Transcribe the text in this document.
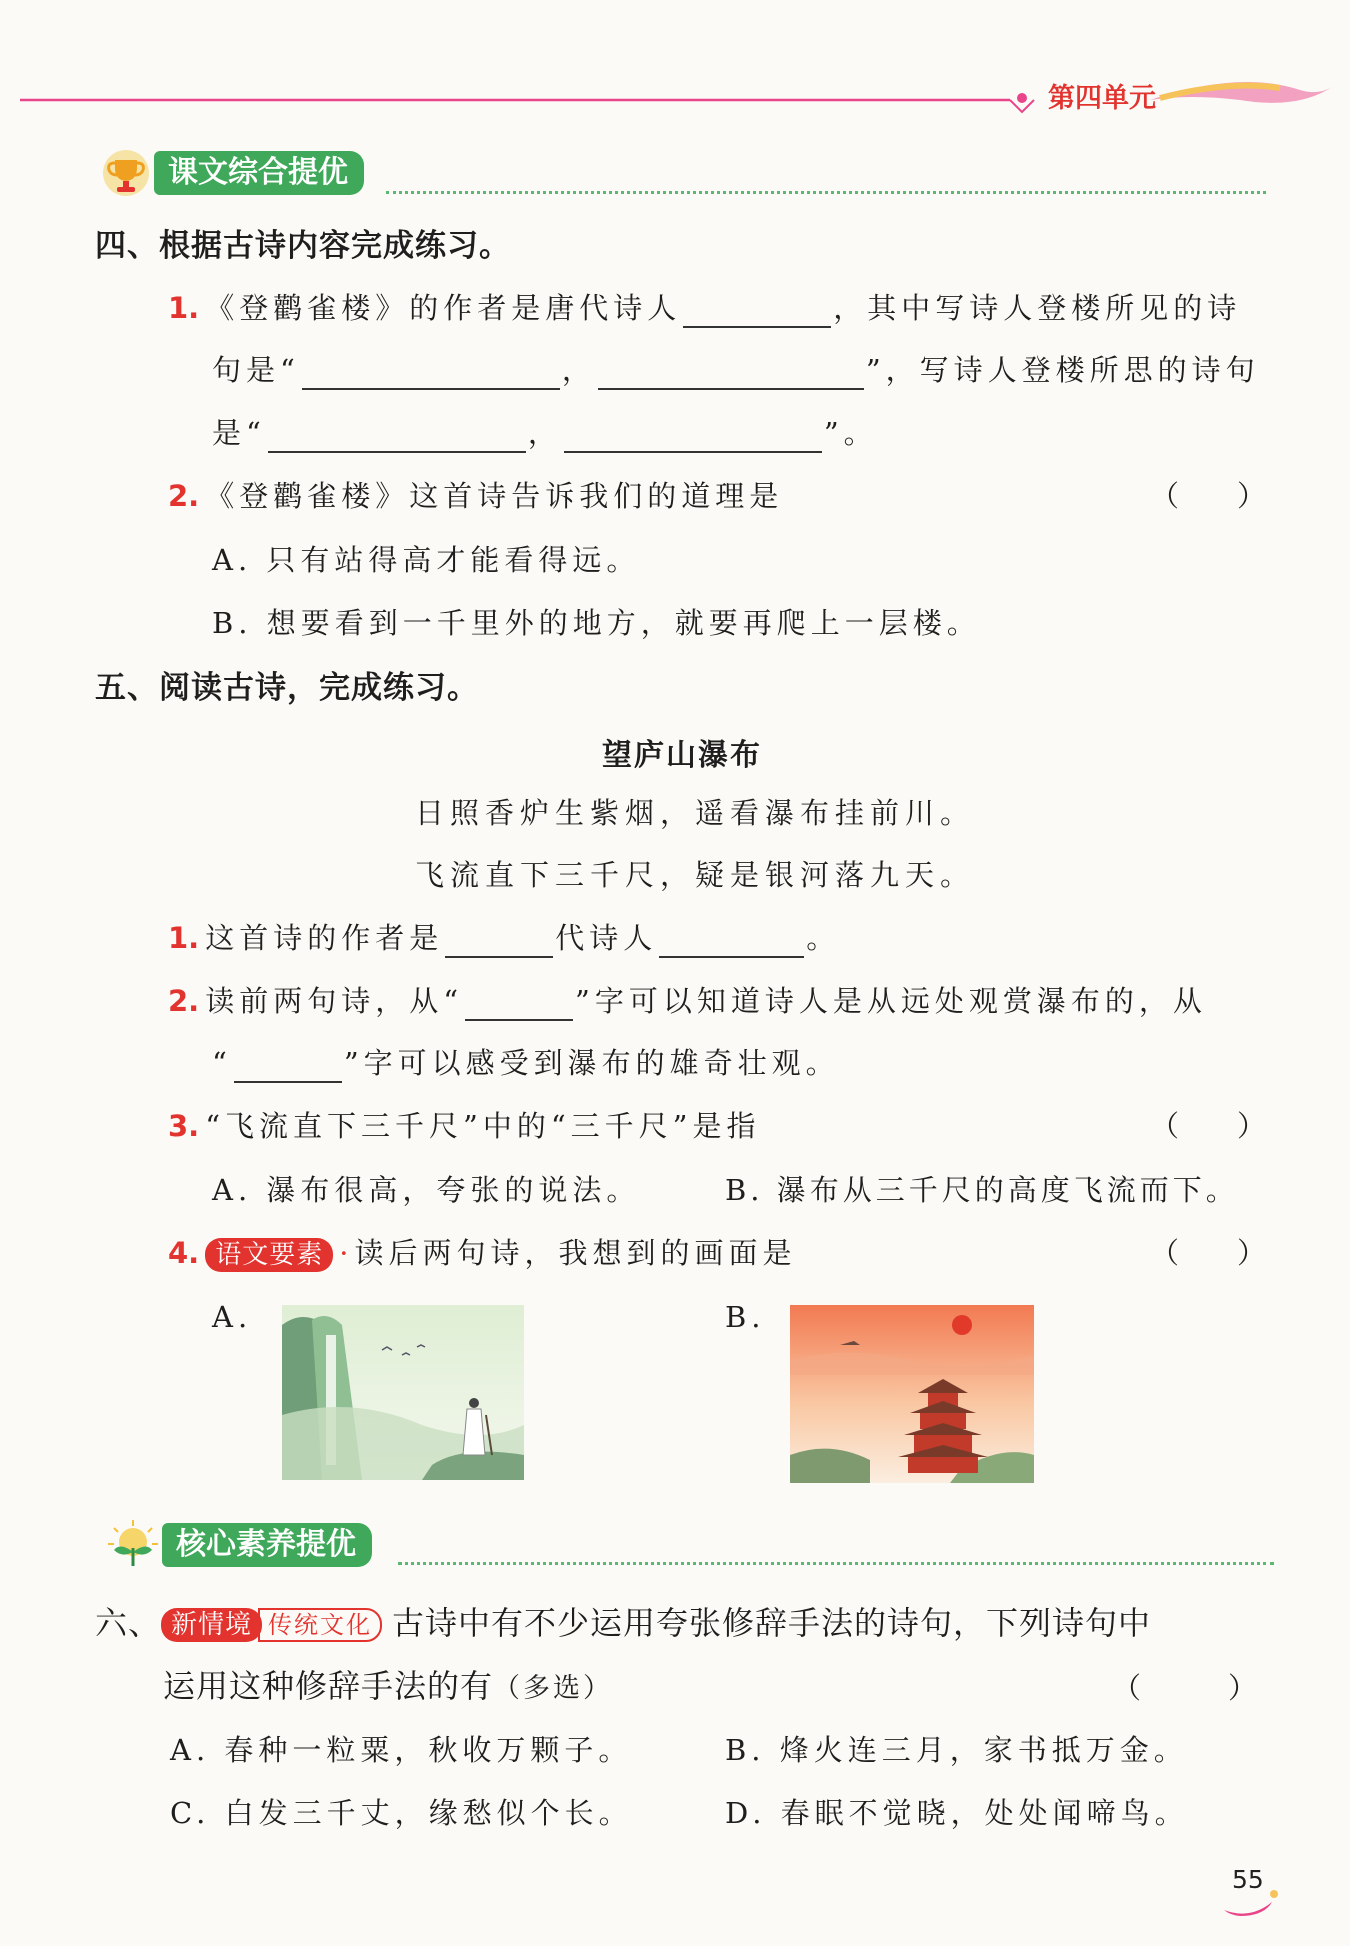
第四单元
课文综合提优
四、根据古诗内容完成练习。
1. 《登鹳雀楼》的作者是唐代诗人	，其中写诗人登楼所见的诗
句是“	，	”，写诗人登楼所思的诗句
是“	，	”。
2. 《登鹳雀楼》这首诗告诉我们的道理是	（　　）
A. 只有站得高才能看得远。
B. 想要看到一千里外的地方，就要再爬上一层楼。
五、阅读古诗，完成练习。
望庐山瀑布
日照香炉生紫烟，遥看瀑布挂前川。
飞流直下三千尺，疑是银河落九天。
1. 这首诗的作者是	代诗人	。
2. 读前两句诗，从“	”字可以知道诗人是从远处观赏瀑布的，从
“	”字可以感受到瀑布的雄奇壮观。
3. “飞流直下三千尺”中的“三千尺”是指	（　　）
A. 瀑布很高，夸张的说法。	B. 瀑布从三千尺的高度飞流而下。
4. 语文要素 · 读后两句诗，我想到的画面是	（　　）
A.	B.
核心素养提优
六、 新情境 传统文化 古诗中有不少运用夸张修辞手法的诗句，下列诗句中
运用这种修辞手法的有（多选）	（　　　）
A. 春种一粒粟，秋收万颗子。	B. 烽火连三月，家书抵万金。
C. 白发三千丈，缘愁似个长。	D. 春眠不觉晓，处处闻啼鸟。
55
